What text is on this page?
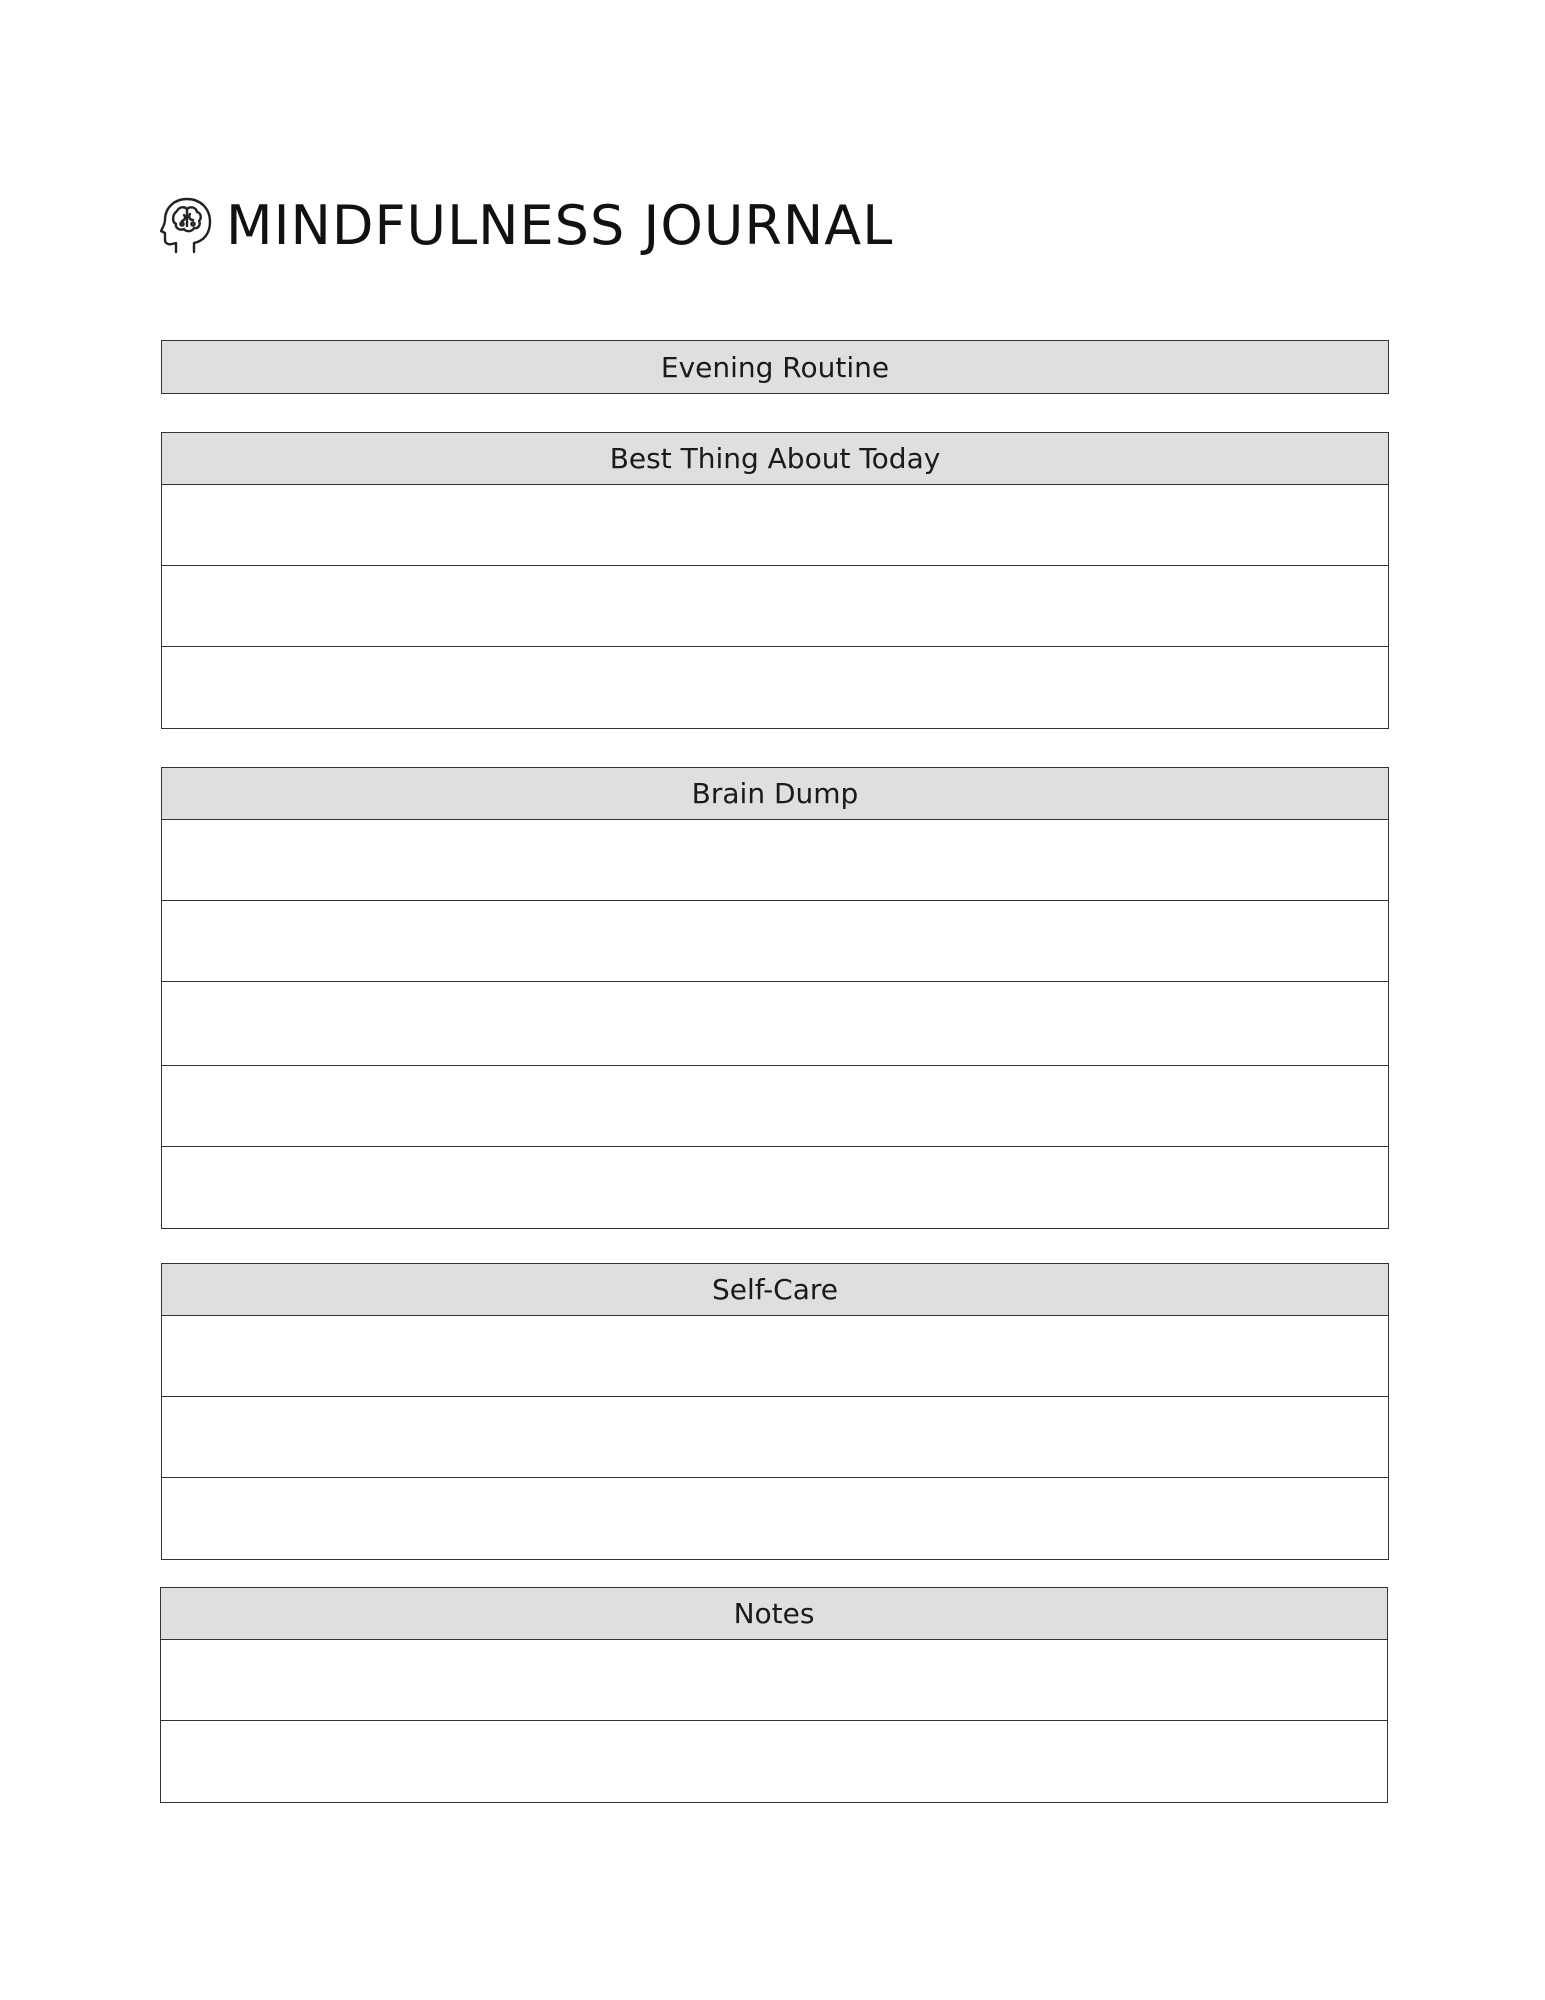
MINDFULNESS JOURNAL
Evening Routine
Best Thing About Today
Brain Dump
Self-Care
Notes
